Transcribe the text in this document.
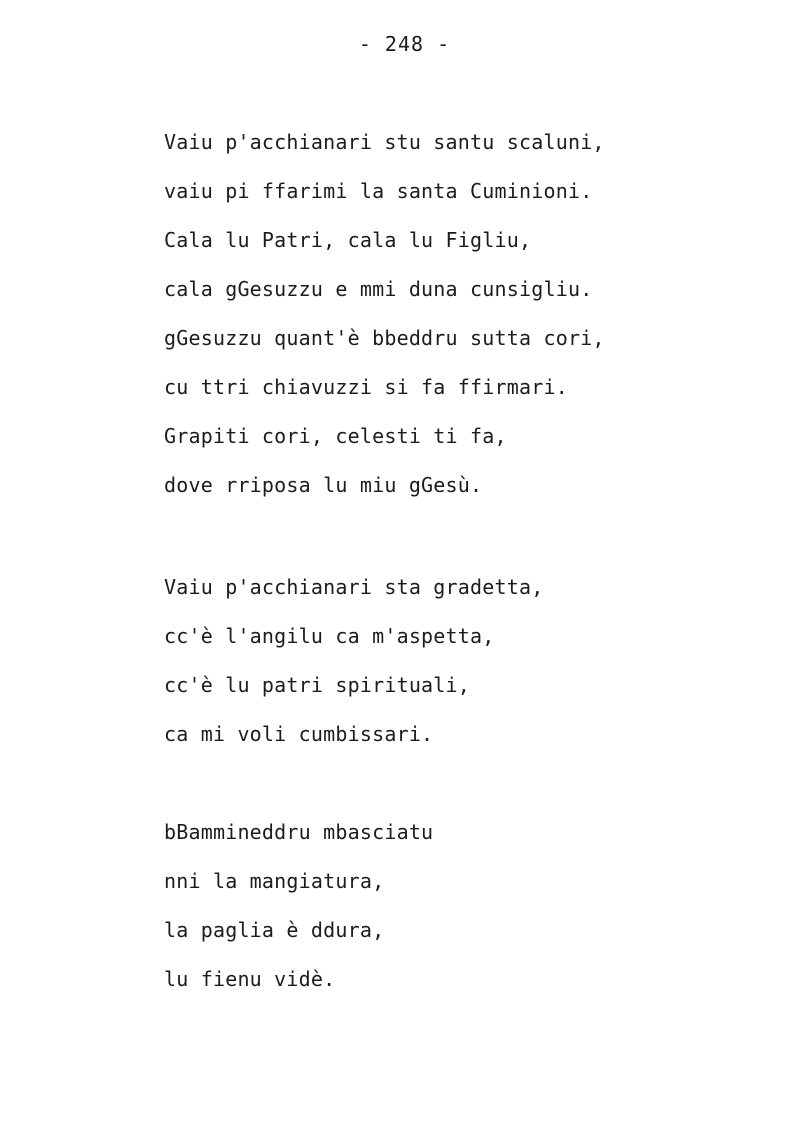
- 248 -
Vaiu p'acchianari stu santu scaluni,
vaiu pi ffarimi la santa Cuminioni.
Cala lu Patri, cala lu Figliu,
cala gGesuzzu e mmi duna cunsigliu.
gGesuzzu quant'è bbeddru sutta cori,
cu ttri chiavuzzi si fa ffirmari.
Grapiti cori, celesti ti fa,
dove rriposa lu miu gGesù.
Vaiu p'acchianari sta gradetta,
cc'è l'angilu ca m'aspetta,
cc'è lu patri spirituali,
ca mi voli cumbissari.
bBammineddru mbasciatu
nni la mangiatura,
la paglia è ddura,
lu fienu vidè.
